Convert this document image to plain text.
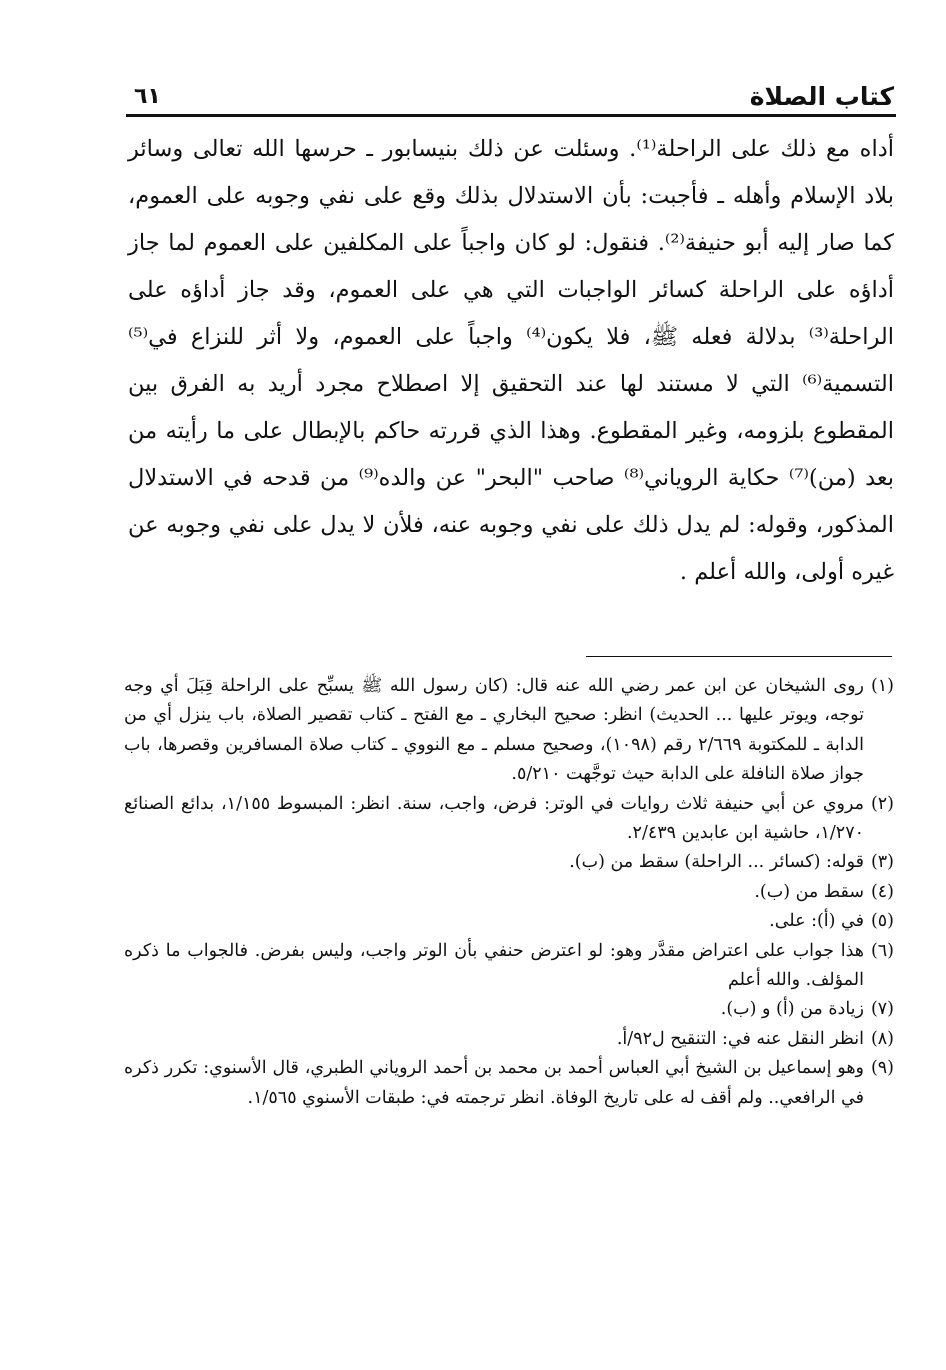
كتاب الصلاة
٦١

أداه مع ذلك على الراحلة⁽¹⁾. وسئلت عن ذلك بنيسابور ـ حرسها الله تعالى وسائر بلاد الإسلام وأهله ـ فأجبت: بأن الاستدلال بذلك وقع على نفي وجوبه على العموم، كما صار إليه أبو حنيفة⁽²⁾. فنقول: لو كان واجباً على المكلفين على العموم لما جاز أداؤه على الراحلة كسائر الواجبات التي هي على العموم، وقد جاز أداؤه على الراحلة⁽³⁾ بدلالة فعله ﷺ، فلا يكون⁽⁴⁾ واجباً على العموم، ولا أثر للنزاع في⁽⁵⁾ التسمية⁽⁶⁾ التي لا مستند لها عند التحقيق إلا اصطلاح مجرد أريد به الفرق بين المقطوع بلزومه، وغير المقطوع. وهذا الذي قررته حاكم بالإبطال على ما رأيته من بعد (من)⁽⁷⁾ حكاية الروياني⁽⁸⁾ صاحب "البحر" عن والده⁽⁹⁾ من قدحه في الاستدلال المذكور، وقوله: لم يدل ذلك على نفي وجوبه عنه، فلأن لا يدل على نفي وجوبه عن غيره أولى، والله أعلم .

(١)روى الشيخان عن ابن عمر رضي الله عنه قال: (كان رسول الله ﷺ يسبِّح على الراحلة قِبَلَ أي وجه توجه، ويوتر عليها ... الحديث) انظر: صحيح البخاري ـ مع الفتح ـ كتاب تقصير الصلاة، باب ينزل أي من الدابة ـ للمكتوبة ٢/٦٦٩ رقم (١٠٩٨)، وصحيح مسلم ـ مع النووي ـ كتاب صلاة المسافرين وقصرها، باب جواز صلاة النافلة على الدابة حيث توجَّهت ٥/٢١٠.

(٢)مروي عن أبي حنيفة ثلاث روايات في الوتر: فرض، واجب، سنة. انظر: المبسوط ١/١٥٥، بدائع الصنائع ١/٢٧٠، حاشية ابن عابدين ٢/٤٣٩.

(٣)قوله: (كسائر ... الراحلة) سقط من (ب).

(٤)سقط من (ب).

(٥)في (أ): على.

(٦)هذا جواب على اعتراض مقدَّر وهو: لو اعترض حنفي بأن الوتر واجب، وليس بفرض. فالجواب ما ذكره المؤلف. والله أعلم

(٧)زيادة من (أ) و (ب).

(٨)انظر النقل عنه في: التنقيح ل٩٢/أ.

(٩)وهو إسماعيل بن الشيخ أبي العباس أحمد بن محمد بن أحمد الروياني الطبري، قال الأسنوي: تكرر ذكره في الرافعي.. ولم أقف له على تاريخ الوفاة. انظر ترجمته في: طبقات الأسنوي ١/٥٦٥.
